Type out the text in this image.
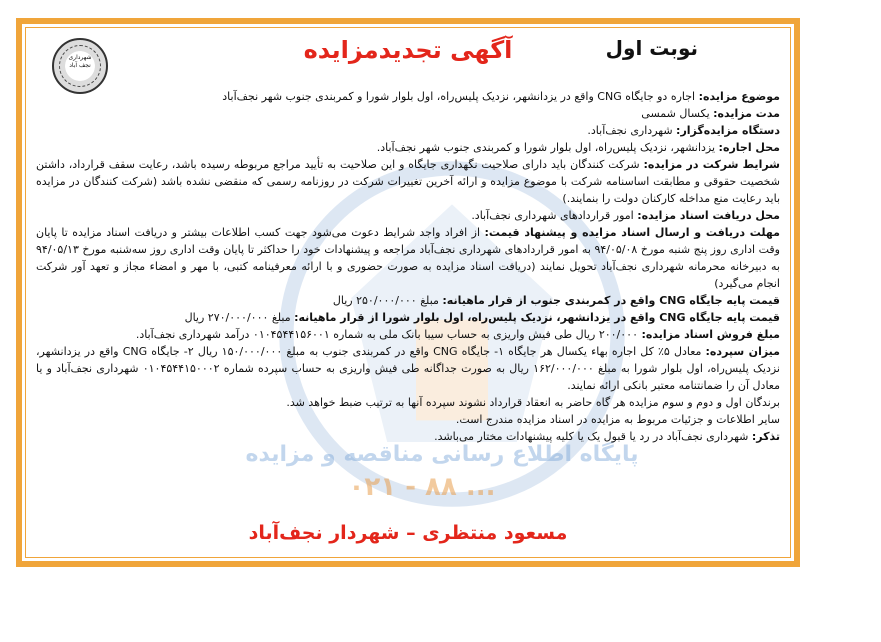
پایگاه اطلاع رسانی مناقصه و مزایده
۰۲۱ - ۸۸ ...
شهرداری نجف آباد
نوبت اول
آگهی تجدیدمزایده

موضوع مزایده: اجاره دو جایگاه CNG واقع در یزدانشهر، نزدیک پلیس‌راه، اول بلوار شورا و کمربندی جنوب شهر نجف‌آباد

مدت مزایده: یکسال شمسی

دستگاه مزایده‌گزار: شهرداری نجف‌آباد.

محل اجاره: یزدانشهر، نزدیک پلیس‌راه، اول بلوار شورا و کمربندی جنوب شهر نجف‌آباد.

شرایط شرکت در مزایده: شرکت کنندگان باید دارای صلاحیت نگهداری جایگاه و این صلاحیت به تأیید مراجع مربوطه رسیده باشد، رعایت سقف قرارداد، داشتن شخصیت حقوقی و مطابقت اساسنامه شرکت با موضوع مزایده و ارائه آخرین تغییرات شرکت در روزنامه رسمی که منقضی نشده باشد (شرکت کنندگان در مزایده باید رعایت منع مداخله کارکنان دولت را بنمایند.)

محل دریافت اسناد مزایده: امور قراردادهای شهرداری نجف‌آباد.

مهلت دریافت و ارسال اسناد مزایده و پیشنهاد قیمت: از افراد واجد شرایط دعوت می‌شود جهت کسب اطلاعات بیشتر و دریافت اسناد مزایده تا پایان وقت اداری روز پنج شنبه مورخ ۹۴/۰۵/۰۸ به امور قراردادهای شهرداری نجف‌آباد مراجعه و پیشنهادات خود را حداکثر تا پایان وقت اداری روز سه‌شنبه مورخ ۹۴/۰۵/۱۳ به دبیرخانه محرمانه شهرداری نجف‌آباد تحویل نمایند (دریافت اسناد مزایده به صورت حضوری و با ارائه معرفینامه کتبی، با مهر و امضاء مجاز و تعهد آور شرکت انجام می‌گیرد)

قیمت پایه جایگاه CNG واقع در کمربندی جنوب از قرار ماهیانه: مبلغ ۲۵۰/۰۰۰/۰۰۰ ریال

قیمت پایه جایگاه CNG واقع در یزدانشهر، نزدیک پلیس‌راه، اول بلوار شورا از قرار ماهیانه: مبلغ ۲۷۰/۰۰۰/۰۰۰ ریال

مبلغ فروش اسناد مزایده: ۲۰۰/۰۰۰ ریال طی فیش واریزی به حساب سیبا بانک ملی به شماره ۰۱۰۴۵۴۴۱۵۶۰۰۱ درآمد شهرداری نجف‌آباد.

میزان سپرده: معادل ۵٪ کل اجاره بهاء یکسال هر جایگاه ۱- جایگاه CNG واقع در کمربندی جنوب به مبلغ ۱۵۰/۰۰۰/۰۰۰ ریال ۲- جایگاه CNG واقع در یزدانشهر، نزدیک پلیس‌راه، اول بلوار شورا به مبلغ ۱۶۲/۰۰۰/۰۰۰ ریال به صورت جداگانه طی فیش واریزی به حساب سپرده شماره ۰۱۰۴۵۴۴۱۵۰۰۰۲ شهرداری نجف‌آباد و یا معادل آن را ضمانتنامه معتبر بانکی ارائه نمایند.

برندگان اول و دوم و سوم مزایده هر گاه حاضر به انعقاد قرارداد نشوند سپرده آنها به ترتیب ضبط خواهد شد.

سایر اطلاعات و جزئیات مربوط به مزایده در اسناد مزایده مندرج است.

تذکر: شهرداری نجف‌آباد در رد یا قبول یک یا کلیه پیشنهادات مختار می‌باشد.

مسعود منتظری – شهردار نجف‌آباد
